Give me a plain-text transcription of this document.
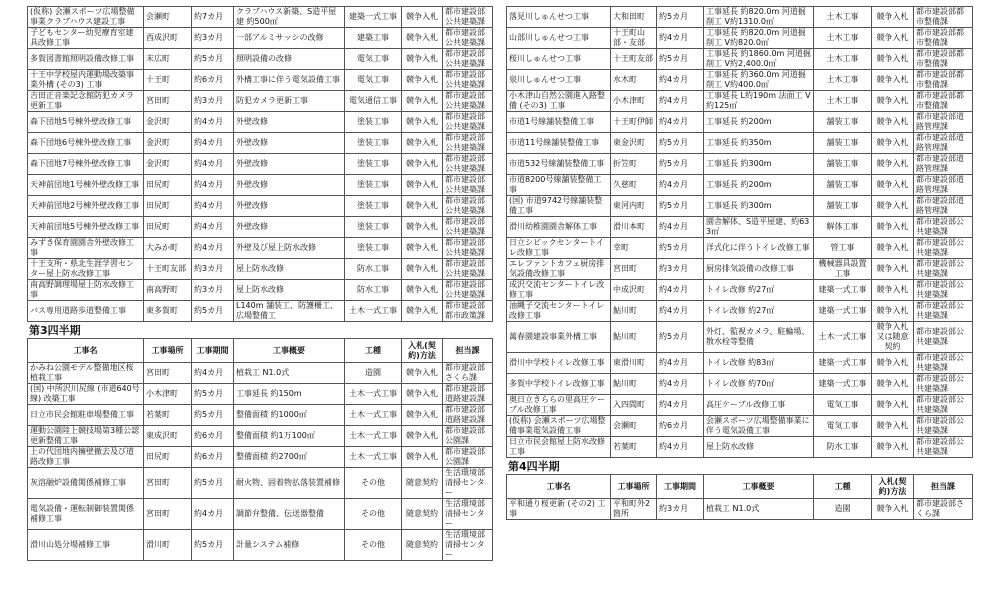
(仮称) 会瀬スポーツ広場整備事業クラブハウス建設工事	会瀬町	約7カ月	クラブハウス新築、S造平屋建 約500㎡	建築一式工事	競争入札	都市建設部公共建築課
子どもセンター幼児療育室建具改修工事	西成沢町	約3カ月	一部アルミサッシの改修	建築工事	競争入札	都市建設部公共建築課
多賀図書館照明設備改修工事	末広町	約5カ月	照明設備の改修	電気工事	競争入札	都市建設部公共建築課
十王中学校屋内運動場改築事業外構 (その3) 工事	十王町	約6カ月	外構工事に伴う電気設備工事	電気工事	競争入札	都市建設部公共建築課
吉田正音楽記念館防犯カメラ更新工事	宮田町	約3カ月	防犯カメラ更新工事	電気通信工事	競争入札	都市建設部公共建築課
森下団地5号棟外壁改修工事	金沢町	約4カ月	外壁改修	塗装工事	競争入札	都市建設部公共建築課
森下団地6号棟外壁改修工事	金沢町	約4カ月	外壁改修	塗装工事	競争入札	都市建設部公共建築課
森下団地7号棟外壁改修工事	金沢町	約4カ月	外壁改修	塗装工事	競争入札	都市建設部公共建築課
天神前団地1号棟外壁改修工事	田尻町	約4カ月	外壁改修	塗装工事	競争入札	都市建設部公共建築課
天神前団地2号棟外壁改修工事	田尻町	約4カ月	外壁改修	塗装工事	競争入札	都市建設部公共建築課
天神前団地5号棟外壁改修工事	田尻町	約4カ月	外壁改修	塗装工事	競争入札	都市建設部公共建築課
みずき保育園園舎外壁改修工事	大みか町	約4カ月	外壁及び屋上防水改修	塗装工事	競争入札	都市建設部公共建築課
十王支所・県北生涯学習センター屋上防水改修工事	十王町友部	約3カ月	屋上防水改修	防水工事	競争入札	都市建設部公共建築課
南高野調理場屋上防水改修工事	南高野町	約3カ月	屋上防水改修	防水工事	競争入札	都市建設部公共建築課
バス専用道路歩道整備工事	東多賀町	約5カ月	L140m 舗装工、防護柵工、広場整備工	土木一式工事	競争入札	都市建設部都市政策課
第3四半期
工事名	工事場所	工事期間	工事概要	工種	入札(契約)方法	担当課
かみね公園モデル整備地区桜植栽工事	宮田町	約4カ月	植栽工 N1.0式	造園	競争入札	都市建設部さくら課
(国) 中所沢川尻線 (市道640号線) 改築工事	小木津町	約5カ月	工事延長 約150m	土木一式工事	競争入札	都市建設部道路建設課
日立市民会館駐車場整備工事	若葉町	約5カ月	整備面積 約1000㎡	土木一式工事	競争入札	都市建設部道路建設課
運動公園陸上競技場第3種公認更新整備工事	東成沢町	約6カ月	整備面積 約1万100㎡	土木一式工事	競争入札	都市建設部公園課
上の代団地内擁壁撤去及び道路改修工事	田尻町	約6カ月	整備面積 約2700㎡	土木一式工事	競争入札	都市建設部公園課
灰溶融炉設備関係補修工事	宮田町	約5カ月	耐火物、固着物払落装置補修	その他	随意契約	生活環境部清掃センター
電気設備・運転制御装置関係補修工事	宮田町	約4カ月	調節弁整備、伝送器整備	その他	随意契約	生活環境部清掃センター
滑川山処分場補修工事	滑川町	約5カ月	計量システム補修	その他	随意契約	生活環境部清掃センター
落見川しゅんせつ工事	大和田町	約5カ月	工事延長 約820.0m 河道掘削工 V約1310.0㎥	土木工事	競争入札	都市建設部都市整備課
山部川しゅんせつ工事	十王町山部・友部	約4カ月	工事延長 約820.0m 河道掘削工 V約820.0㎥	土木工事	競争入札	都市建設部都市整備課
桜川しゅんせつ工事	十王町友部	約5カ月	工事延長 約1860.0m 河道掘削工 V約2,400.0㎥	土木工事	競争入札	都市建設部都市整備課
泉川しゅんせつ工事	水木町	約4カ月	工事延長 約360.0m 河道掘削工 V約400.0㎥	土木工事	競争入札	都市建設部都市整備課
小木津山自然公園進入路整備 (その3) 工事	小木津町	約4カ月	工事延長 L約190m 法面工 V約125㎥	土木工事	競争入札	都市建設部都市整備課
市道1号線舗装整備工事	十王町伊師	約4カ月	工事延長 約200m	舗装工事	競争入札	都市建設部道路管理課
市道11号線舗装整備工事	東金沢町	約5カ月	工事延長 約350m	舗装工事	競争入札	都市建設部道路管理課
市道532号線舗装整備工事	折笠町	約5カ月	工事延長 約300m	舗装工事	競争入札	都市建設部道路管理課
市道8200号線舗装整備工事	久慈町	約4カ月	工事延長 約200m	舗装工事	競争入札	都市建設部道路管理課
(国) 市道9742号線舗装整備工事	東河内町	約5カ月	工事延長 約300m	舗装工事	競争入札	都市建設部道路管理課
滑川幼稚園園舎解体工事	滑川本町	約4カ月	園舎解体、S造平屋建、約633㎡	解体工事	競争入札	都市建設部公共建築課
日立シビックセンタートイレ改修工事	幸町	約5カ月	洋式化に伴うトイレ改修工事	管工事	競争入札	都市建設部公共建築課
エレファントカフェ厨房排気設備改修工事	宮田町	約3カ月	厨房排気設備の改修工事	機械器具設置工事	競争入札	都市建設部公共建築課
成沢交流センタートイレ改修工事	中成沢町	約4カ月	トイレ改修 約27㎡	建築一式工事	競争入札	都市建設部公共建築課
油縄子交流センタートイレ改修工事	鮎川町	約4カ月	トイレ改修 約27㎡	建築一式工事	競争入札	都市建設部公共建築課
萬春園建設事業外構工事	鮎川町	約5カ月	外灯、監視カメラ、駐輪場、散水栓等整備	土木一式工事	競争入札又は随意契約	都市建設部公共建築課
滑川中学校トイレ改修工事	東滑川町	約4カ月	トイレ改修 約83㎡	建築一式工事	競争入札	都市建設部公共建築課
多賀中学校トイレ改修工事	鮎川町	約4カ月	トイレ改修 約70㎡	建築一式工事	競争入札	都市建設部公共建築課
奥日立きららの里高圧ケーブル改修工事	入四間町	約4カ月	高圧ケーブル改修工事	電気工事	競争入札	都市建設部公共建築課
(仮称) 会瀬スポーツ広場整備事業電気設備工事	会瀬町	約6カ月	会瀬スポーツ広場整備事業に伴う電気設備工事	電気工事	競争入札	都市建設部公共建築課
日立市民会館屋上防水改修工事	若葉町	約4カ月	屋上防水改修	防水工事	競争入札	都市建設部公共建築課
第4四半期
工事名	工事場所	工事期間	工事概要	工種	入札(契約)方法	担当課
平和通り桜更新 (その2) 工事	平和町外2箇所	約3カ月	植栽工 N1.0式	造園	競争入札	都市建設部さくら課
